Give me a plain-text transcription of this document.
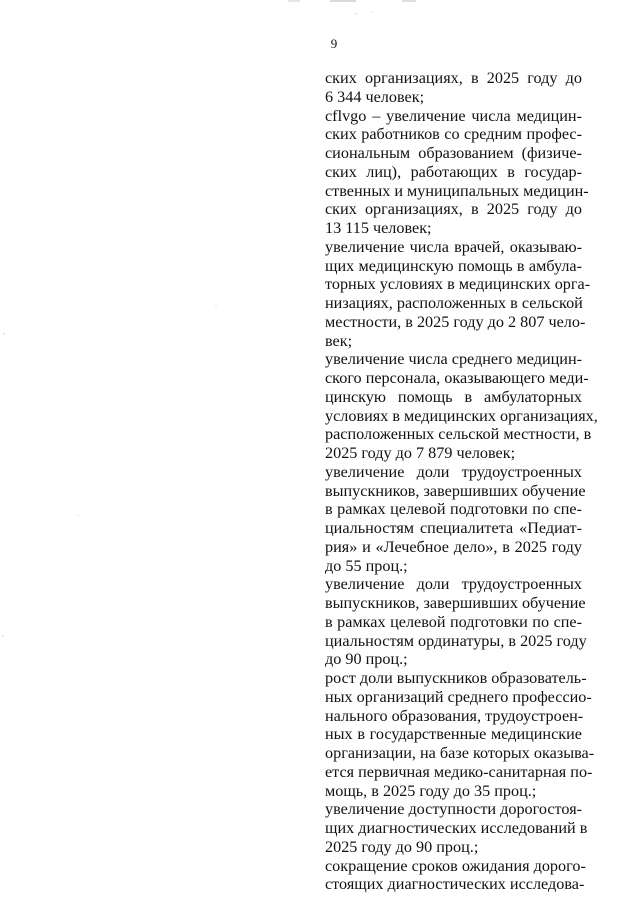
9
ских организациях, в 2025 году до
6 344 человек;
cflvgo – увеличение числа медицин-
ских работников со средним профес-
сиональным образованием (физиче-
ских лиц), работающих в государ-
ственных и муниципальных медицин-
ских организациях, в 2025 году до
13 115 человек;
увеличение числа врачей, оказываю-
щих медицинскую помощь в амбула-
торных условиях в медицинских орга-
низациях, расположенных в сельской
местности, в 2025 году до 2 807 чело-
век;
увеличение числа среднего медицин-
ского персонала, оказывающего меди-
цинскую помощь в амбулаторных
условиях в медицинских организациях,
расположенных сельской местности, в
2025 году до 7 879 человек;
увеличение доли трудоустроенных
выпускников, завершивших обучение
в рамках целевой подготовки по спе-
циальностям специалитета «Педиат-
рия» и «Лечебное дело», в 2025 году
до 55 проц.;
увеличение доли трудоустроенных
выпускников, завершивших обучение
в рамках целевой подготовки по спе-
циальностям ординатуры, в 2025 году
до 90 проц.;
рост доли выпускников образователь-
ных организаций среднего профессио-
нального образования, трудоустроен-
ных в государственные медицинские
организации, на базе которых оказыва-
ется первичная медико-санитарная по-
мощь, в 2025 году до 35 проц.;
увеличение доступности дорогостоя-
щих диагностических исследований в
2025 году до 90 проц.;
сокращение сроков ожидания дорого-
стоящих диагностических исследова-
